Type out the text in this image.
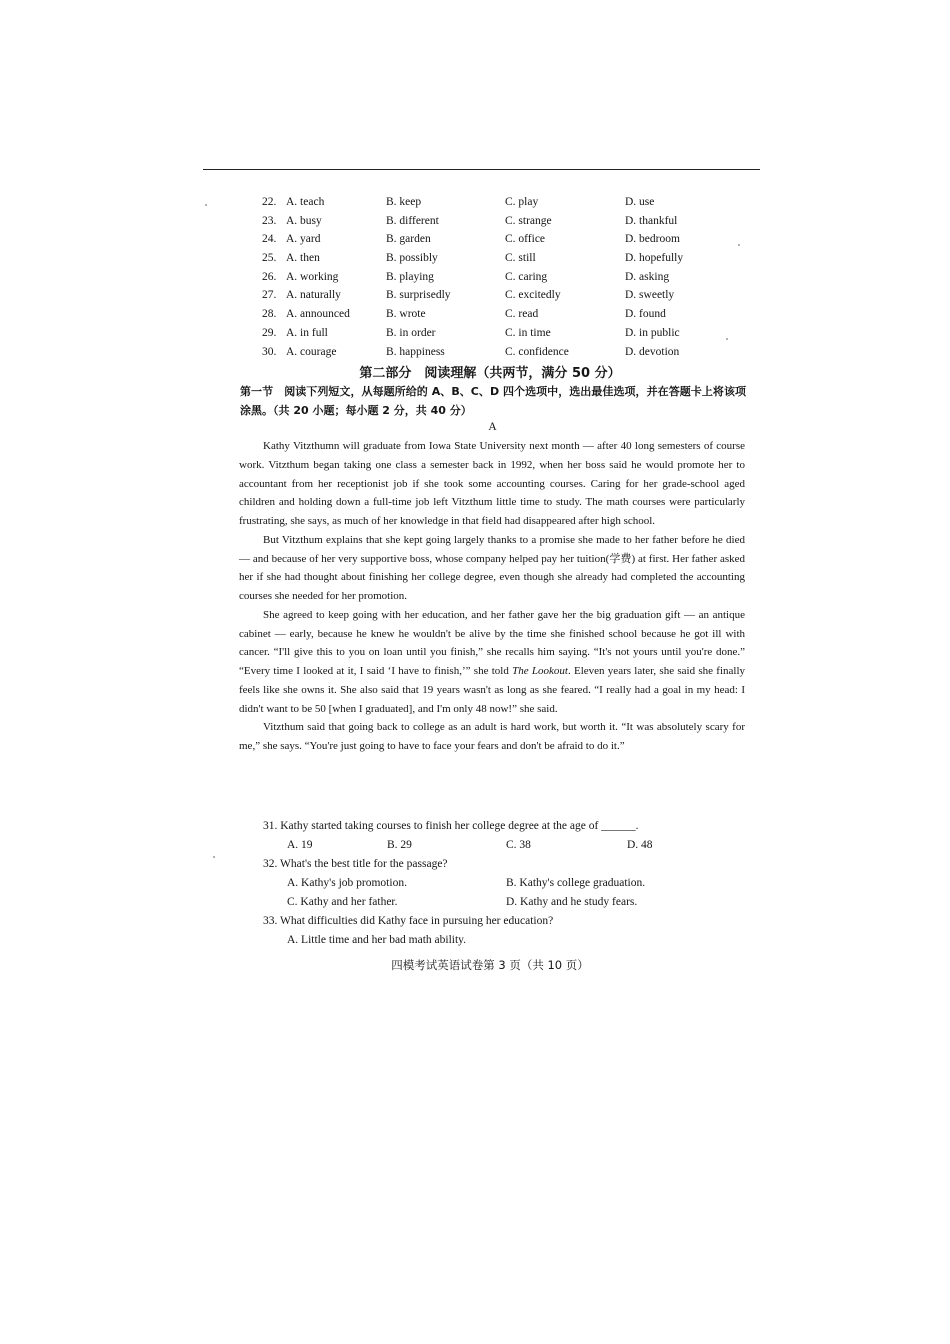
22. A. teach	B. keep	C. play	D. use
23. A. busy	B. different	C. strange	D. thankful
24. A. yard	B. garden	C. office	D. bedroom
25. A. then	B. possibly	C. still	D. hopefully
26. A. working	B. playing	C. caring	D. asking
27. A. naturally	B. surprisedly	C. excitedly	D. sweetly
28. A. announced	B. wrote	C. read	D. found
29. A. in full	B. in order	C. in time	D. in public
30. A. courage	B. happiness	C. confidence	D. devotion
第二部分　阅读理解（共两节，满分 50 分）
第一节　阅读下列短文，从每题所给的 A、B、C、D 四个选项中，选出最佳选项，并在答题卡上将该项涂黑。（共 20 小题；每小题 2 分，共 40 分）
A

Kathy Vitzthumn will graduate from Iowa State University next month — after 40 long semesters of course work. Vitzthum began taking one class a semester back in 1992, when her boss said he would promote her to accountant from her receptionist job if she took some accounting courses. Caring for her grade-school aged children and holding down a full-time job left Vitzthum little time to study. The math courses were particularly frustrating, she says, as much of her knowledge in that field had disappeared after high school.

But Vitzthum explains that she kept going largely thanks to a promise she made to her father before he died — and because of her very supportive boss, whose company helped pay her tuition(学费) at first. Her father asked her if she had thought about finishing her college degree, even though she already had completed the accounting courses she needed for her promotion.

She agreed to keep going with her education, and her father gave her the big graduation gift — an antique cabinet — early, because he knew he wouldn't be alive by the time she finished school because he got ill with cancer. “I'll give this to you on loan until you finish,” she recalls him saying. “It's not yours until you're done.” “Every time I looked at it, I said ‘I have to finish,’” she told The Lookout. Eleven years later, she said she finally feels like she owns it. She also said that 19 years wasn't as long as she feared. “I really had a goal in my head: I didn't want to be 50 [when I graduated], and I'm only 48 now!” she said.

Vitzthum said that going back to college as an adult is hard work, but worth it. “It was absolutely scary for me,” she says. “You're just going to have to face your fears and don't be afraid to do it.”

31. Kathy started taking courses to finish her college degree at the age of ______.
A. 19	B. 29	C. 38	D. 48
32. What's the best title for the passage?
A. Kathy's job promotion.	B. Kathy's college graduation.
C. Kathy and her father.	D. Kathy and he study fears.
33. What difficulties did Kathy face in pursuing her education?
A. Little time and her bad math ability.
四模考试英语试卷第 3 页（共 10 页）
